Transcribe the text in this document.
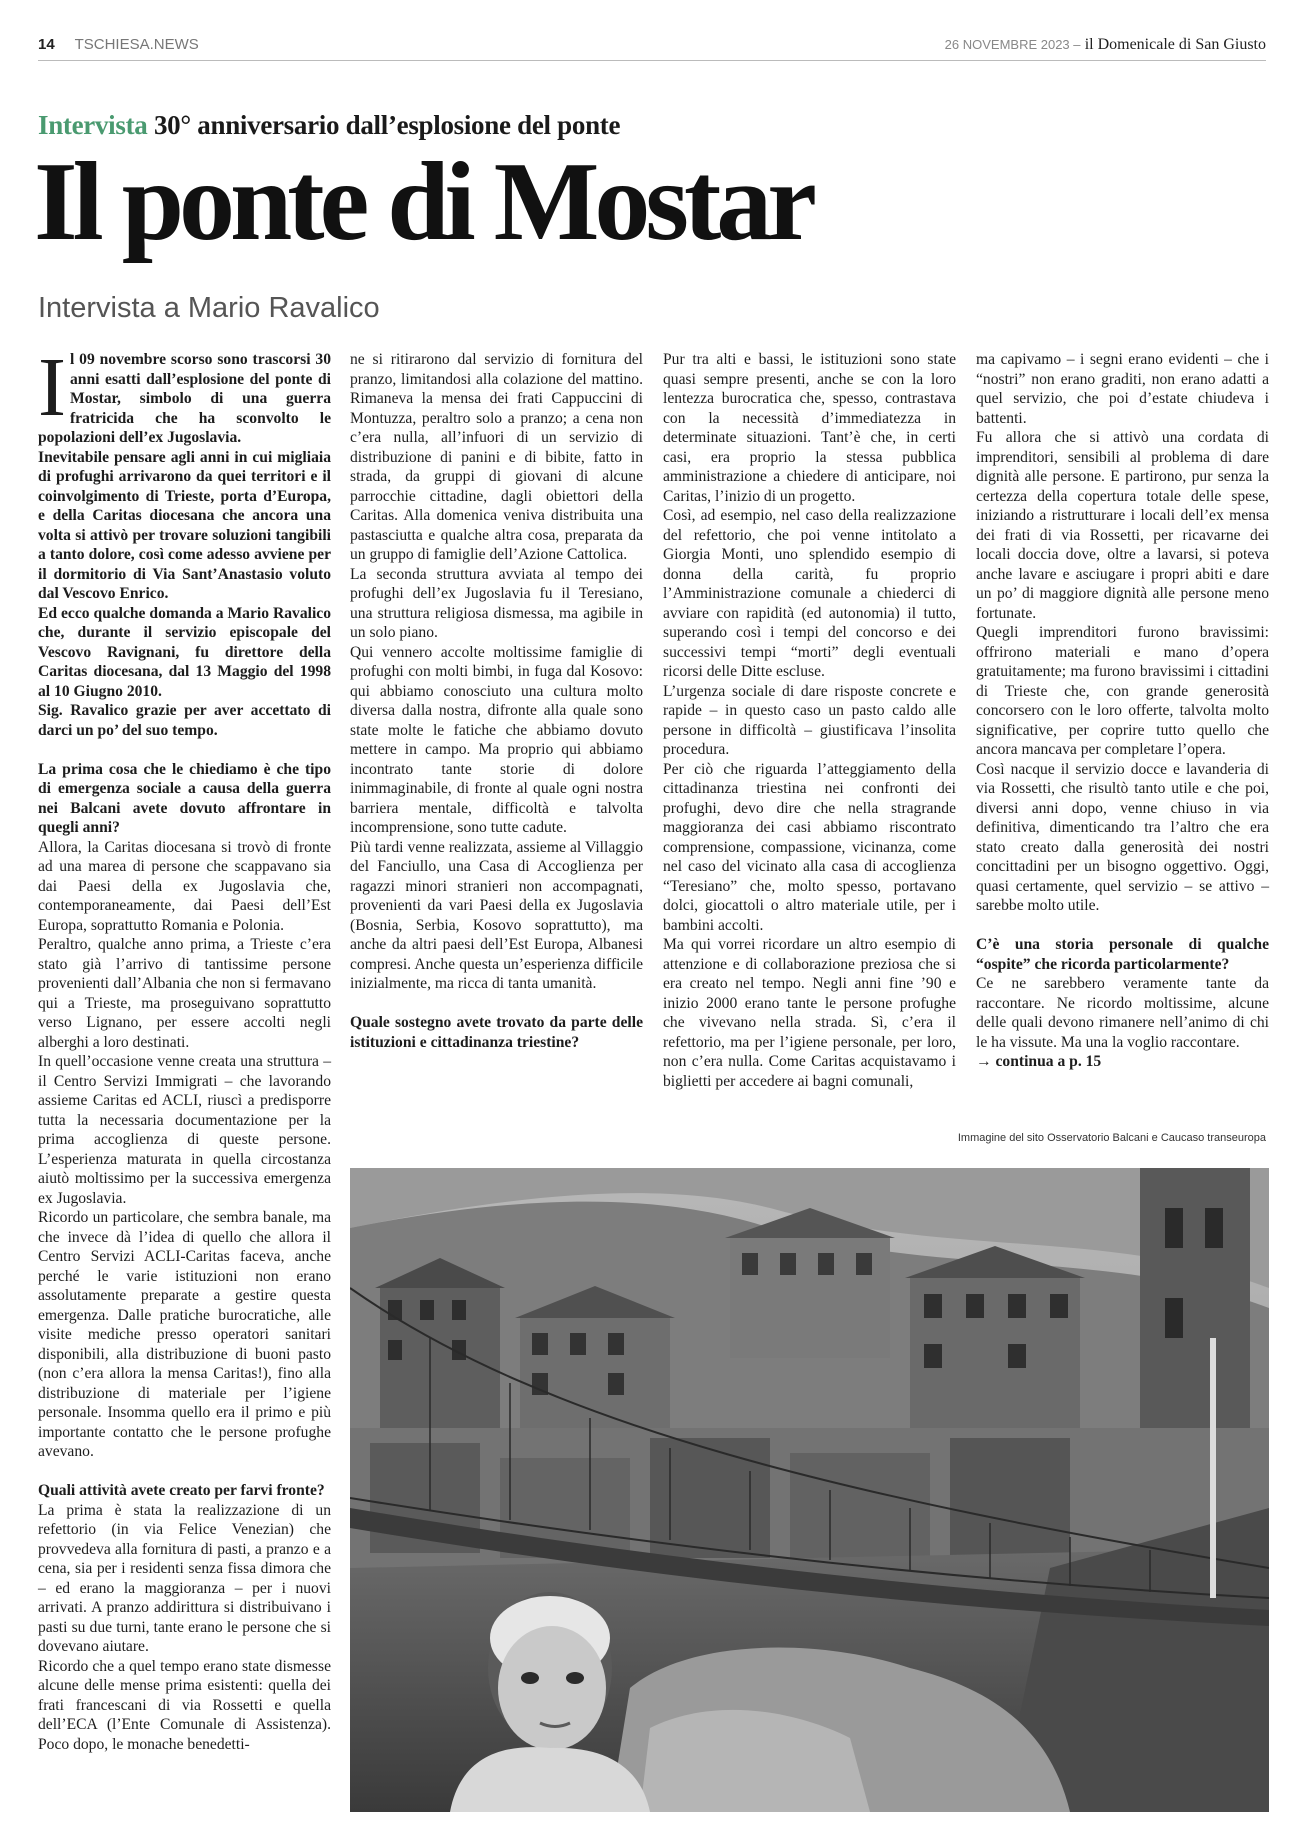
14 TSCHIESA.NEWS	26 NOVEMBRE 2023 – il Domenicale di San Giusto
Intervista 30° anniversario dall’esplosione del ponte
Il ponte di Mostar
Intervista a Mario Ravalico

Il 09 novembre scorso sono trascorsi 30 anni esatti dall’esplosione del ponte di Mostar, simbolo di una guerra fratricida che ha sconvolto le popolazioni dell’ex Jugoslavia.

Inevitabile pensare agli anni in cui migliaia di profughi arrivarono da quei territori e il coinvolgimento di Trieste, porta d’Europa, e della Caritas diocesana che ancora una volta si attivò per trovare soluzioni tangibili a tanto dolore, così come adesso avviene per il dormitorio di Via Sant’Anastasio voluto dal Vescovo Enrico.

Ed ecco qualche domanda a Mario Ravalico che, durante il servizio episcopale del Vescovo Ravignani, fu direttore della Caritas diocesana, dal 13 Maggio del 1998 al 10 Giugno 2010.

Sig. Ravalico grazie per aver accettato di darci un po’ del suo tempo.

La prima cosa che le chiediamo è che tipo di emergenza sociale a causa della guerra nei Balcani avete dovuto affrontare in quegli anni?

Allora, la Caritas diocesana si trovò di fronte ad una marea di persone che scappavano sia dai Paesi della ex Jugoslavia che, contemporaneamente, dai Paesi dell’Est Europa, soprattutto Romania e Polonia.

Peraltro, qualche anno prima, a Trieste c’era stato già l’arrivo di tantissime persone provenienti dall’Albania che non si fermavano qui a Trieste, ma proseguivano soprattutto verso Lignano, per essere accolti negli alberghi a loro destinati.

In quell’occasione venne creata una struttura – il Centro Servizi Immigrati – che lavorando assieme Caritas ed ACLI, riuscì a predisporre tutta la necessaria documentazione per la prima accoglienza di queste persone. L’esperienza maturata in quella circostanza aiutò moltissimo per la successiva emergenza ex Jugoslavia.

Ricordo un particolare, che sembra banale, ma che invece dà l’idea di quello che allora il Centro Servizi ACLI-Caritas faceva, anche perché le varie istituzioni non erano assolutamente preparate a gestire questa emergenza. Dalle pratiche burocratiche, alle visite mediche presso operatori sanitari disponibili, alla distribuzione di buoni pasto (non c’era allora la mensa Caritas!), fino alla distribuzione di materiale per l’igiene personale. Insomma quello era il primo e più importante contatto che le persone profughe avevano.

Quali attività avete creato per farvi fronte?

La prima è stata la realizzazione di un refettorio (in via Felice Venezian) che provvedeva alla fornitura di pasti, a pranzo e a cena, sia per i residenti senza fissa dimora che – ed erano la maggioranza – per i nuovi arrivati. A pranzo addirittura si distribuivano i pasti su due turni, tante erano le persone che si dovevano aiutare.

Ricordo che a quel tempo erano state dismesse alcune delle mense prima esistenti: quella dei frati francescani di via Rossetti e quella dell’ECA (l’Ente Comunale di Assistenza). Poco dopo, le monache benedetti-

ne si ritirarono dal servizio di fornitura del pranzo, limitandosi alla colazione del mattino. Rimaneva la mensa dei frati Cappuccini di Montuzza, peraltro solo a pranzo; a cena non c’era nulla, all’infuori di un servizio di distribuzione di panini e di bibite, fatto in strada, da gruppi di giovani di alcune parrocchie cittadine, dagli obiettori della Caritas. Alla domenica veniva distribuita una pastasciutta e qualche altra cosa, preparata da un gruppo di famiglie dell’Azione Cattolica.

La seconda struttura avviata al tempo dei profughi dell’ex Jugoslavia fu il Teresiano, una struttura religiosa dismessa, ma agibile in un solo piano.

Qui vennero accolte moltissime famiglie di profughi con molti bimbi, in fuga dal Kosovo: qui abbiamo conosciuto una cultura molto diversa dalla nostra, difronte alla quale sono state molte le fatiche che abbiamo dovuto mettere in campo. Ma proprio qui abbiamo incontrato tante storie di dolore inimmaginabile, di fronte al quale ogni nostra barriera mentale, difficoltà e talvolta incomprensione, sono tutte cadute.

Più tardi venne realizzata, assieme al Villaggio del Fanciullo, una Casa di Accoglienza per ragazzi minori stranieri non accompagnati, provenienti da vari Paesi della ex Jugoslavia (Bosnia, Serbia, Kosovo soprattutto), ma anche da altri paesi dell’Est Europa, Albanesi compresi. Anche questa un’esperienza difficile inizialmente, ma ricca di tanta umanità.

Quale sostegno avete trovato da parte delle istituzioni e cittadinanza triestine?

Pur tra alti e bassi, le istituzioni sono state quasi sempre presenti, anche se con la loro lentezza burocratica che, spesso, contrastava con la necessità d’immediatezza in determinate situazioni. Tant’è che, in certi casi, era proprio la stessa pubblica amministrazione a chiedere di anticipare, noi Caritas, l’inizio di un progetto.

Così, ad esempio, nel caso della realizzazione del refettorio, che poi venne intitolato a Giorgia Monti, uno splendido esempio di donna della carità, fu proprio l’Amministrazione comunale a chiederci di avviare con rapidità (ed autonomia) il tutto, superando così i tempi del concorso e dei successivi tempi “morti” degli eventuali ricorsi delle Ditte escluse.

L’urgenza sociale di dare risposte concrete e rapide – in questo caso un pasto caldo alle persone in difficoltà – giustificava l’insolita procedura.

Per ciò che riguarda l’atteggiamento della cittadinanza triestina nei confronti dei profughi, devo dire che nella stragrande maggioranza dei casi abbiamo riscontrato comprensione, compassione, vicinanza, come nel caso del vicinato alla casa di accoglienza “Teresiano” che, molto spesso, portavano dolci, giocattoli o altro materiale utile, per i bambini accolti.

Ma qui vorrei ricordare un altro esempio di attenzione e di collaborazione preziosa che si era creato nel tempo. Negli anni fine ’90 e inizio 2000 erano tante le persone profughe che vivevano nella strada. Sì, c’era il refettorio, ma per l’igiene personale, per loro, non c’era nulla. Come Caritas acquistavamo i biglietti per accedere ai bagni comunali,

ma capivamo – i segni erano evidenti – che i “nostri” non erano graditi, non erano adatti a quel servizio, che poi d’estate chiudeva i battenti.

Fu allora che si attivò una cordata di imprenditori, sensibili al problema di dare dignità alle persone. E partirono, pur senza la certezza della copertura totale delle spese, iniziando a ristrutturare i locali dell’ex mensa dei frati di via Rossetti, per ricavarne dei locali doccia dove, oltre a lavarsi, si poteva anche lavare e asciugare i propri abiti e dare un po’ di maggiore dignità alle persone meno fortunate.

Quegli imprenditori furono bravissimi: offrirono materiali e mano d’opera gratuitamente; ma furono bravissimi i cittadini di Trieste che, con grande generosità concorsero con le loro offerte, talvolta molto significative, per coprire tutto quello che ancora mancava per completare l’opera.

Così nacque il servizio docce e lavanderia di via Rossetti, che risultò tanto utile e che poi, diversi anni dopo, venne chiuso in via definitiva, dimenticando tra l’altro che era stato creato dalla generosità dei nostri concittadini per un bisogno oggettivo. Oggi, quasi certamente, quel servizio – se attivo – sarebbe molto utile.

C’è una storia personale di qualche “ospite” che ricorda particolarmente?

Ce ne sarebbero veramente tante da raccontare. Ne ricordo moltissime, alcune delle quali devono rimanere nell’animo di chi le ha vissute. Ma una la voglio raccontare.

→ continua a p. 15

Immagine del sito Osservatorio Balcani e Caucaso transeuropa
